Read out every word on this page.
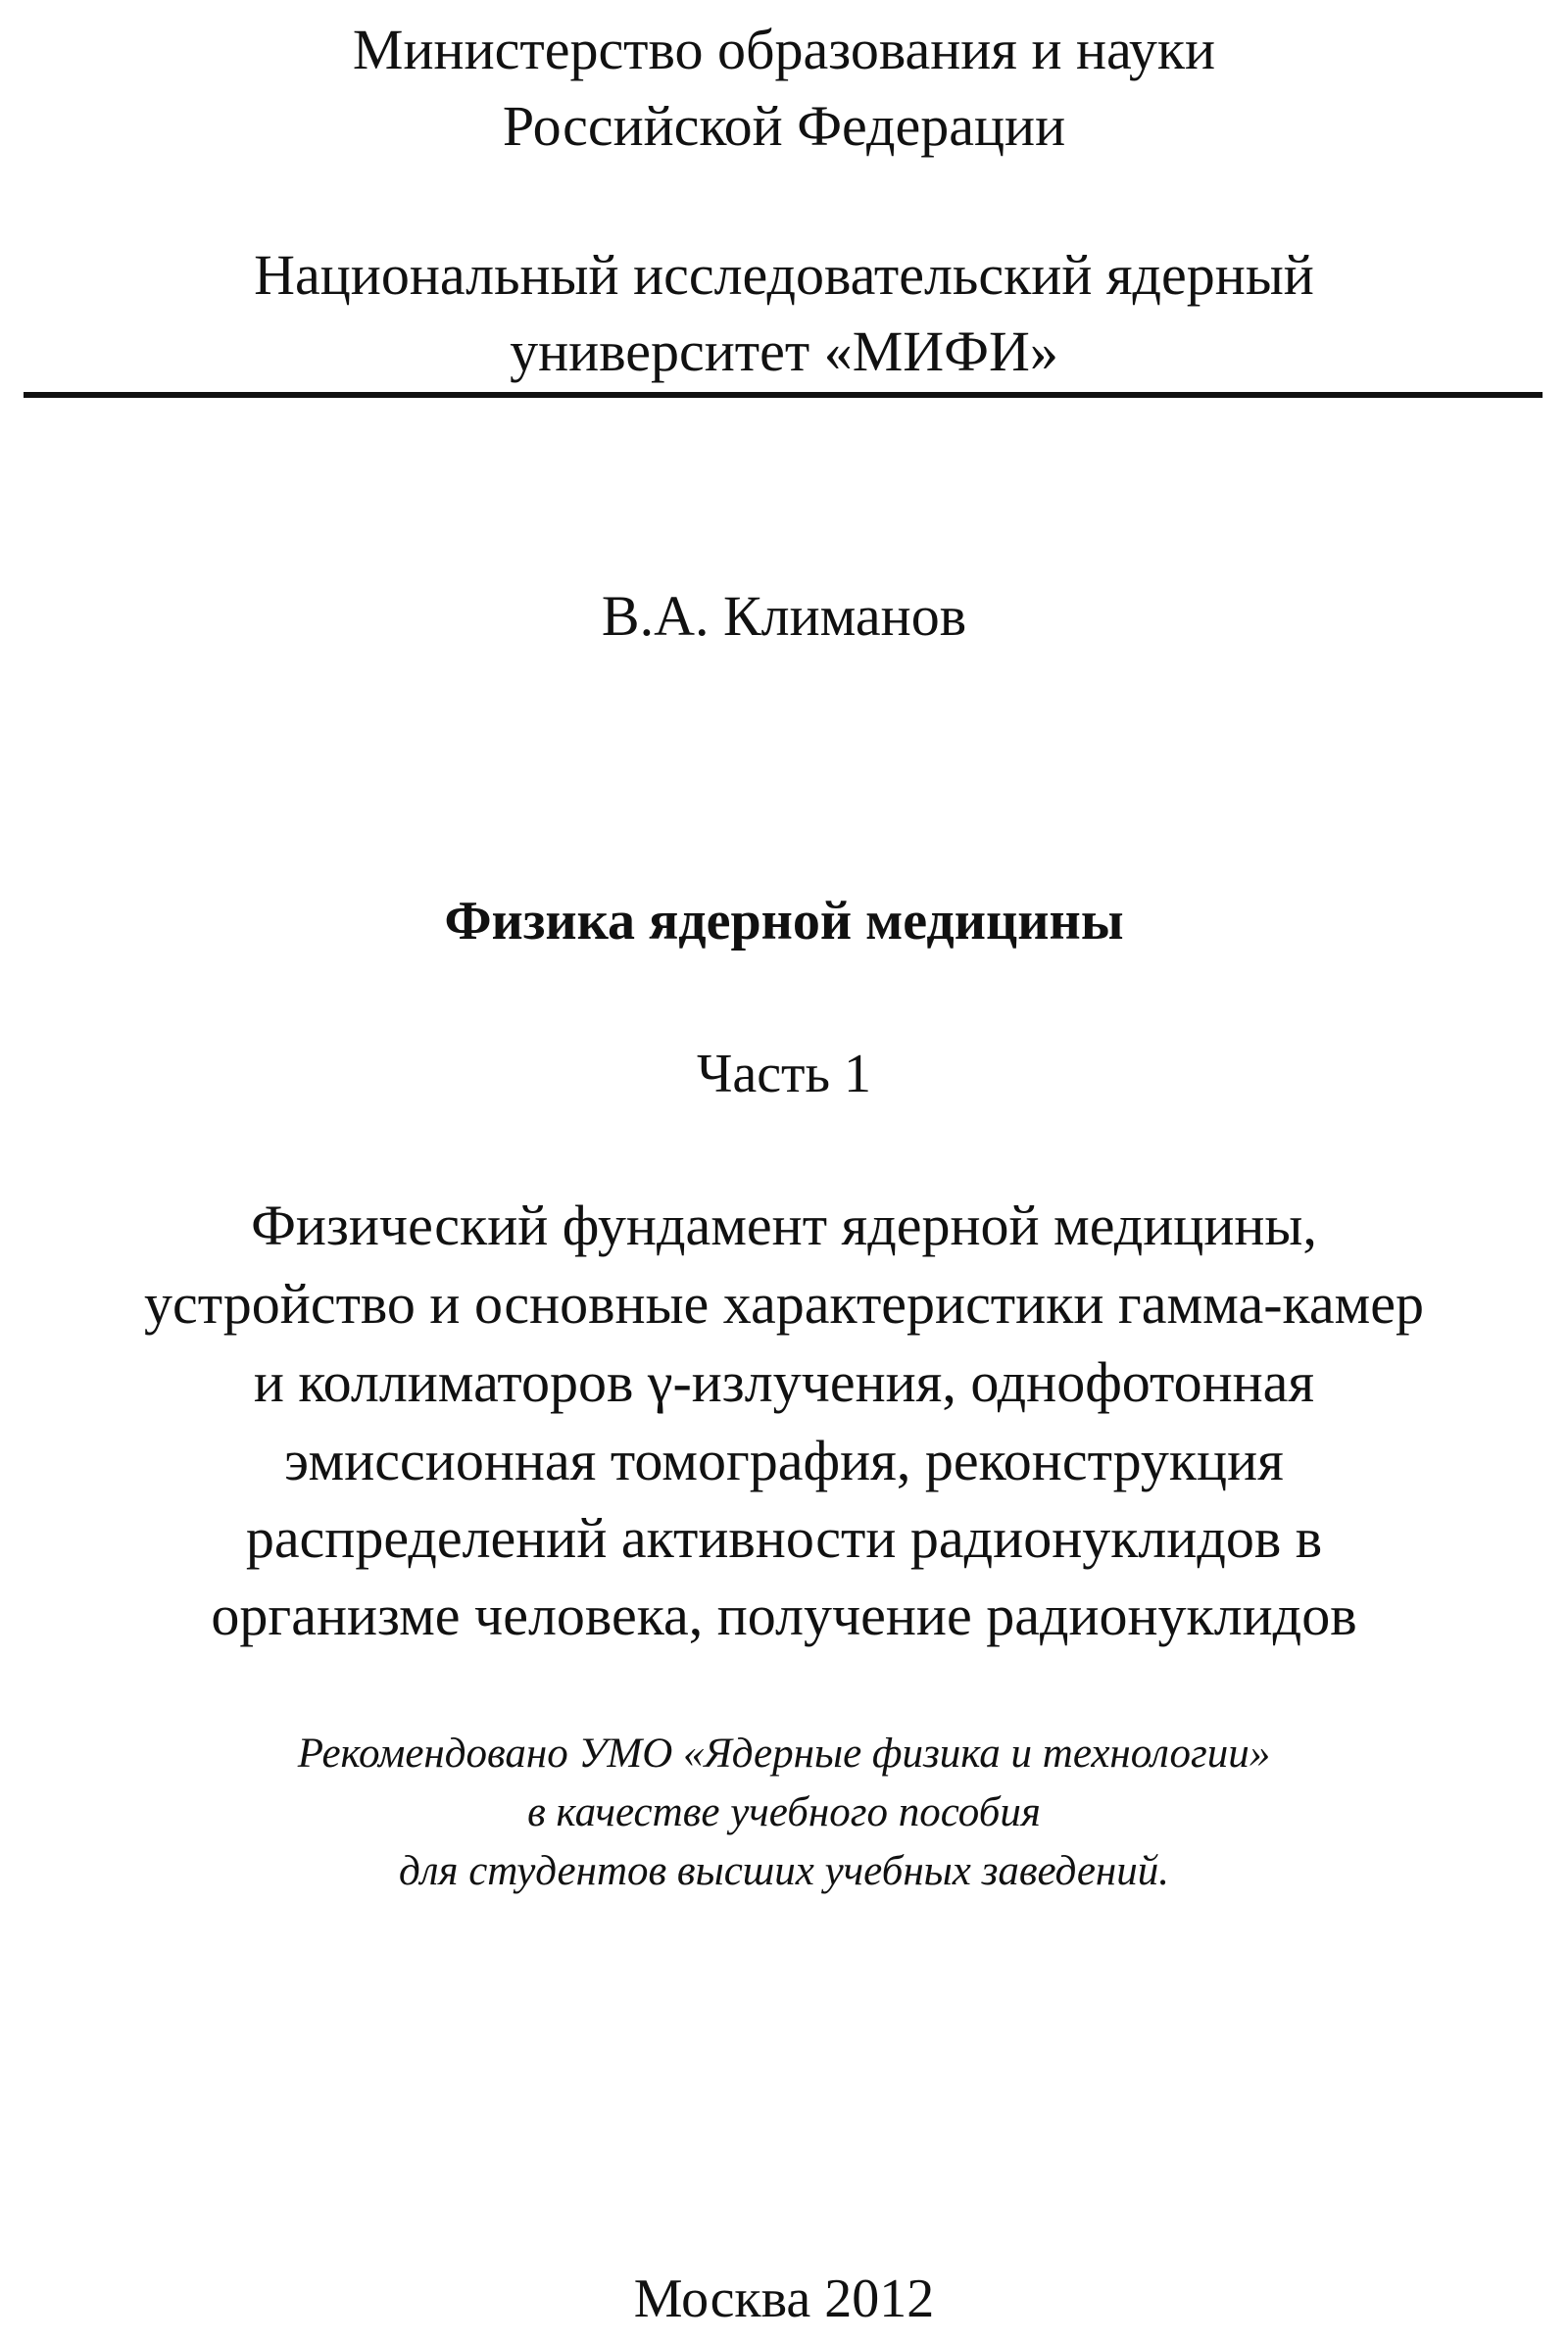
Министерство образования и науки
Российской Федерации
Национальный исследовательский ядерный
университет «МИФИ»
В.А. Климанов
Физика ядерной медицины
Часть 1
Физический фундамент ядерной медицины,
устройство и основные характеристики гамма-камер
и коллиматоров γ-излучения, однофотонная
эмиссионная томография, реконструкция
распределений активности радионуклидов в
организме человека, получение радионуклидов
Рекомендовано УМО «Ядерные физика и технологии»
в качестве учебного пособия
для студентов высших учебных заведений.
Москва 2012
